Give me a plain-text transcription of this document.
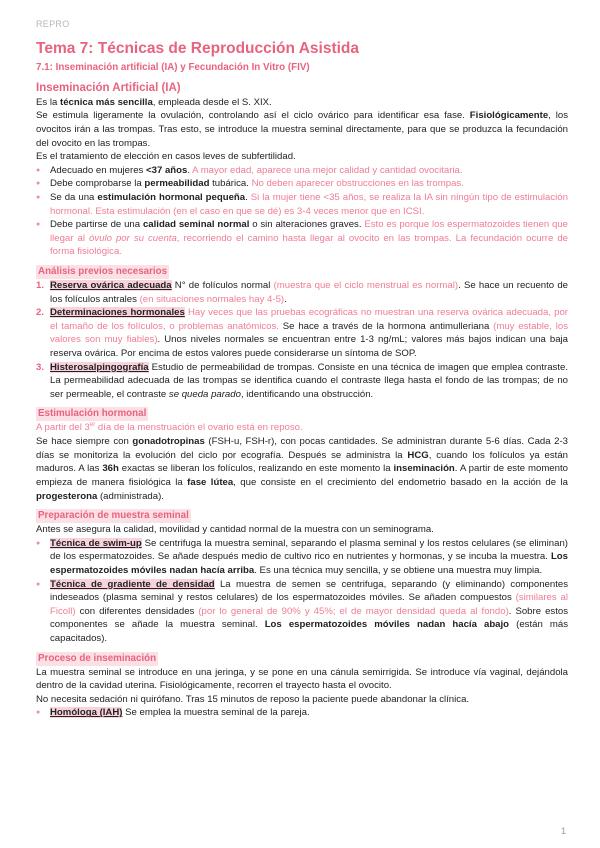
REPRO
Tema 7: Técnicas de Reproducción Asistida
7.1: Inseminación artificial (IA) y Fecundación In Vitro (FIV)
Inseminación Artificial (IA)

Es la técnica más sencilla, empleada desde el S. XIX.

Se estimula ligeramente la ovulación, controlando así el ciclo ovárico para identificar esa fase. Fisiológicamente, los ovocitos irán a las trompas. Tras esto, se introduce la muestra seminal directamente, para que se produzca la fecundación del ovocito en las trompas.

Es el tratamiento de elección en casos leves de subfertilidad.

● Adecuado en mujeres <37 años. A mayor edad, aparece una mejor calidad y cantidad ovocitaria.
● Debe comprobarse la permeabilidad tubárica. No deben aparecer obstrucciones en las trompas.
● Se da una estimulación hormonal pequeña. Si la mujer tiene <35 años, se realiza la IA sin ningún tipo de estimulación hormonal. Esta estimulación (en el caso en que se dé) es 3-4 veces menor que en ICSI.
● Debe partirse de una calidad seminal normal o sin alteraciones graves. Esto es porque los espermatozoides tienen que llegar al óvulo por su cuenta, recorriendo el camino hasta llegar al ovocito en las trompas. La fecundación ocurre de forma fisiológica.
Análisis previos necesarios
1. Reserva ovárica adecuada N° de folículos normal (muestra que el ciclo menstrual es normal). Se hace un recuento de los folículos antrales (en situaciones normales hay 4-5).
2. Determinaciones hormonales Hay veces que las pruebas ecográficas no muestran una reserva ovárica adecuada, por el tamaño de los folículos, o problemas anatómicos. Se hace a través de la hormona antimulleriana (muy estable, los valores son muy fiables). Unos niveles normales se encuentran entre 1-3 ng/mL; valores más bajos indican una baja reserva ovárica. Por encima de estos valores puede considerarse un síntoma de SOP.
3. Histerosalpingografía Estudio de permeabilidad de trompas. Consiste en una técnica de imagen que emplea contraste. La permeabilidad adecuada de las trompas se identifica cuando el contraste llega hasta el fondo de las trompas; de no ser permeable, el contraste se queda parado, identificando una obstrucción.
Estimulación hormonal

A partir del 3er día de la menstruación el ovario está en reposo.

Se hace siempre con gonadotropinas (FSH-u, FSH-r), con pocas cantidades. Se administran durante 5-6 días. Cada 2-3 días se monitoriza la evolución del ciclo por ecografía. Después se administra la HCG, cuando los folículos ya están maduros. A las 36h exactas se liberan los folículos, realizando en este momento la inseminación. A partir de este momento empieza de manera fisiológica la fase lútea, que consiste en el crecimiento del endometrio basado en la acción de la progesterona (administrada).

Preparación de muestra seminal

Antes se asegura la calidad, movilidad y cantidad normal de la muestra con un seminograma.

● Técnica de swim-up Se centrifuga la muestra seminal, separando el plasma seminal y los restos celulares (se eliminan) de los espermatozoides. Se añade después medio de cultivo rico en nutrientes y hormonas, y se incuba la muestra. Los espermatozoides móviles nadan hacía arriba. Es una técnica muy sencilla, y se obtiene una muestra muy limpia.
● Técnica de gradiente de densidad La muestra de semen se centrifuga, separando (y eliminando) componentes indeseados (plasma seminal y restos celulares) de los espermatozoides móviles. Se añaden compuestos (similares al Ficoll) con diferentes densidades (por lo general de 90% y 45%; el de mayor densidad queda al fondo). Sobre estos componentes se añade la muestra seminal. Los espermatozoides móviles nadan hacía abajo (están más capacitados).
Proceso de inseminación

La muestra seminal se introduce en una jeringa, y se pone en una cánula semirrigida. Se introduce vía vaginal, dejándola dentro de la cavidad uterina. Fisiológicamente, recorren el trayecto hasta el ovocito.

No necesita sedación ni quirófano. Tras 15 minutos de reposo la paciente puede abandonar la clínica.

● Homóloga (IAH) Se emplea la muestra seminal de la pareja.
1
